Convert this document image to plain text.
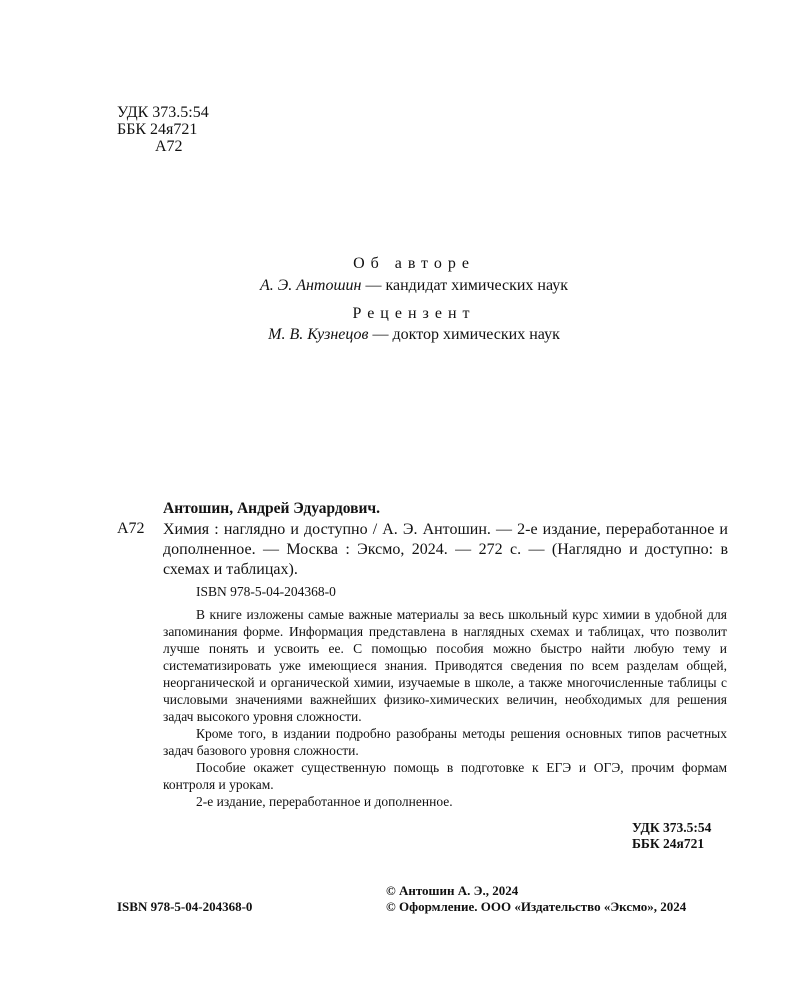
УДК 373.5:54
ББК 24я721
А72
Об авторе
А. Э. Антошин — кандидат химических наук
Рецензент
М. В. Кузнецов — доктор химических наук
Антошин, Андрей Эдуардович.
А72 Химия : наглядно и доступно / А. Э. Антошин. — 2-е издание, переработанное и дополненное. — Москва : Эксмо, 2024. — 272 с. — (Наглядно и доступно: в схемах и таблицах).
ISBN 978-5-04-204368-0

В книге изложены самые важные материалы за весь школьный курс химии в удобной для запоминания форме. Информация представлена в наглядных схемах и таблицах, что позволит лучше понять и усвоить ее. С помощью пособия можно быстро найти любую тему и систематизировать уже имеющиеся знания. Приводятся сведения по всем разделам общей, неорганической и органической химии, изучаемые в школе, а также многочисленные таблицы с числовыми значениями важнейших физико-химических величин, необходимых для решения задач высокого уровня сложности.

Кроме того, в издании подробно разобраны методы решения основных типов расчетных задач базового уровня сложности.

Пособие окажет существенную помощь в подготовке к ЕГЭ и ОГЭ, прочим формам контроля и урокам.

2-е издание, переработанное и дополненное.

УДК 373.5:54
ББК 24я721
© Антошин А. Э., 2024
ISBN 978-5-04-204368-0	© Оформление. ООО «Издательство «Эксмо», 2024
